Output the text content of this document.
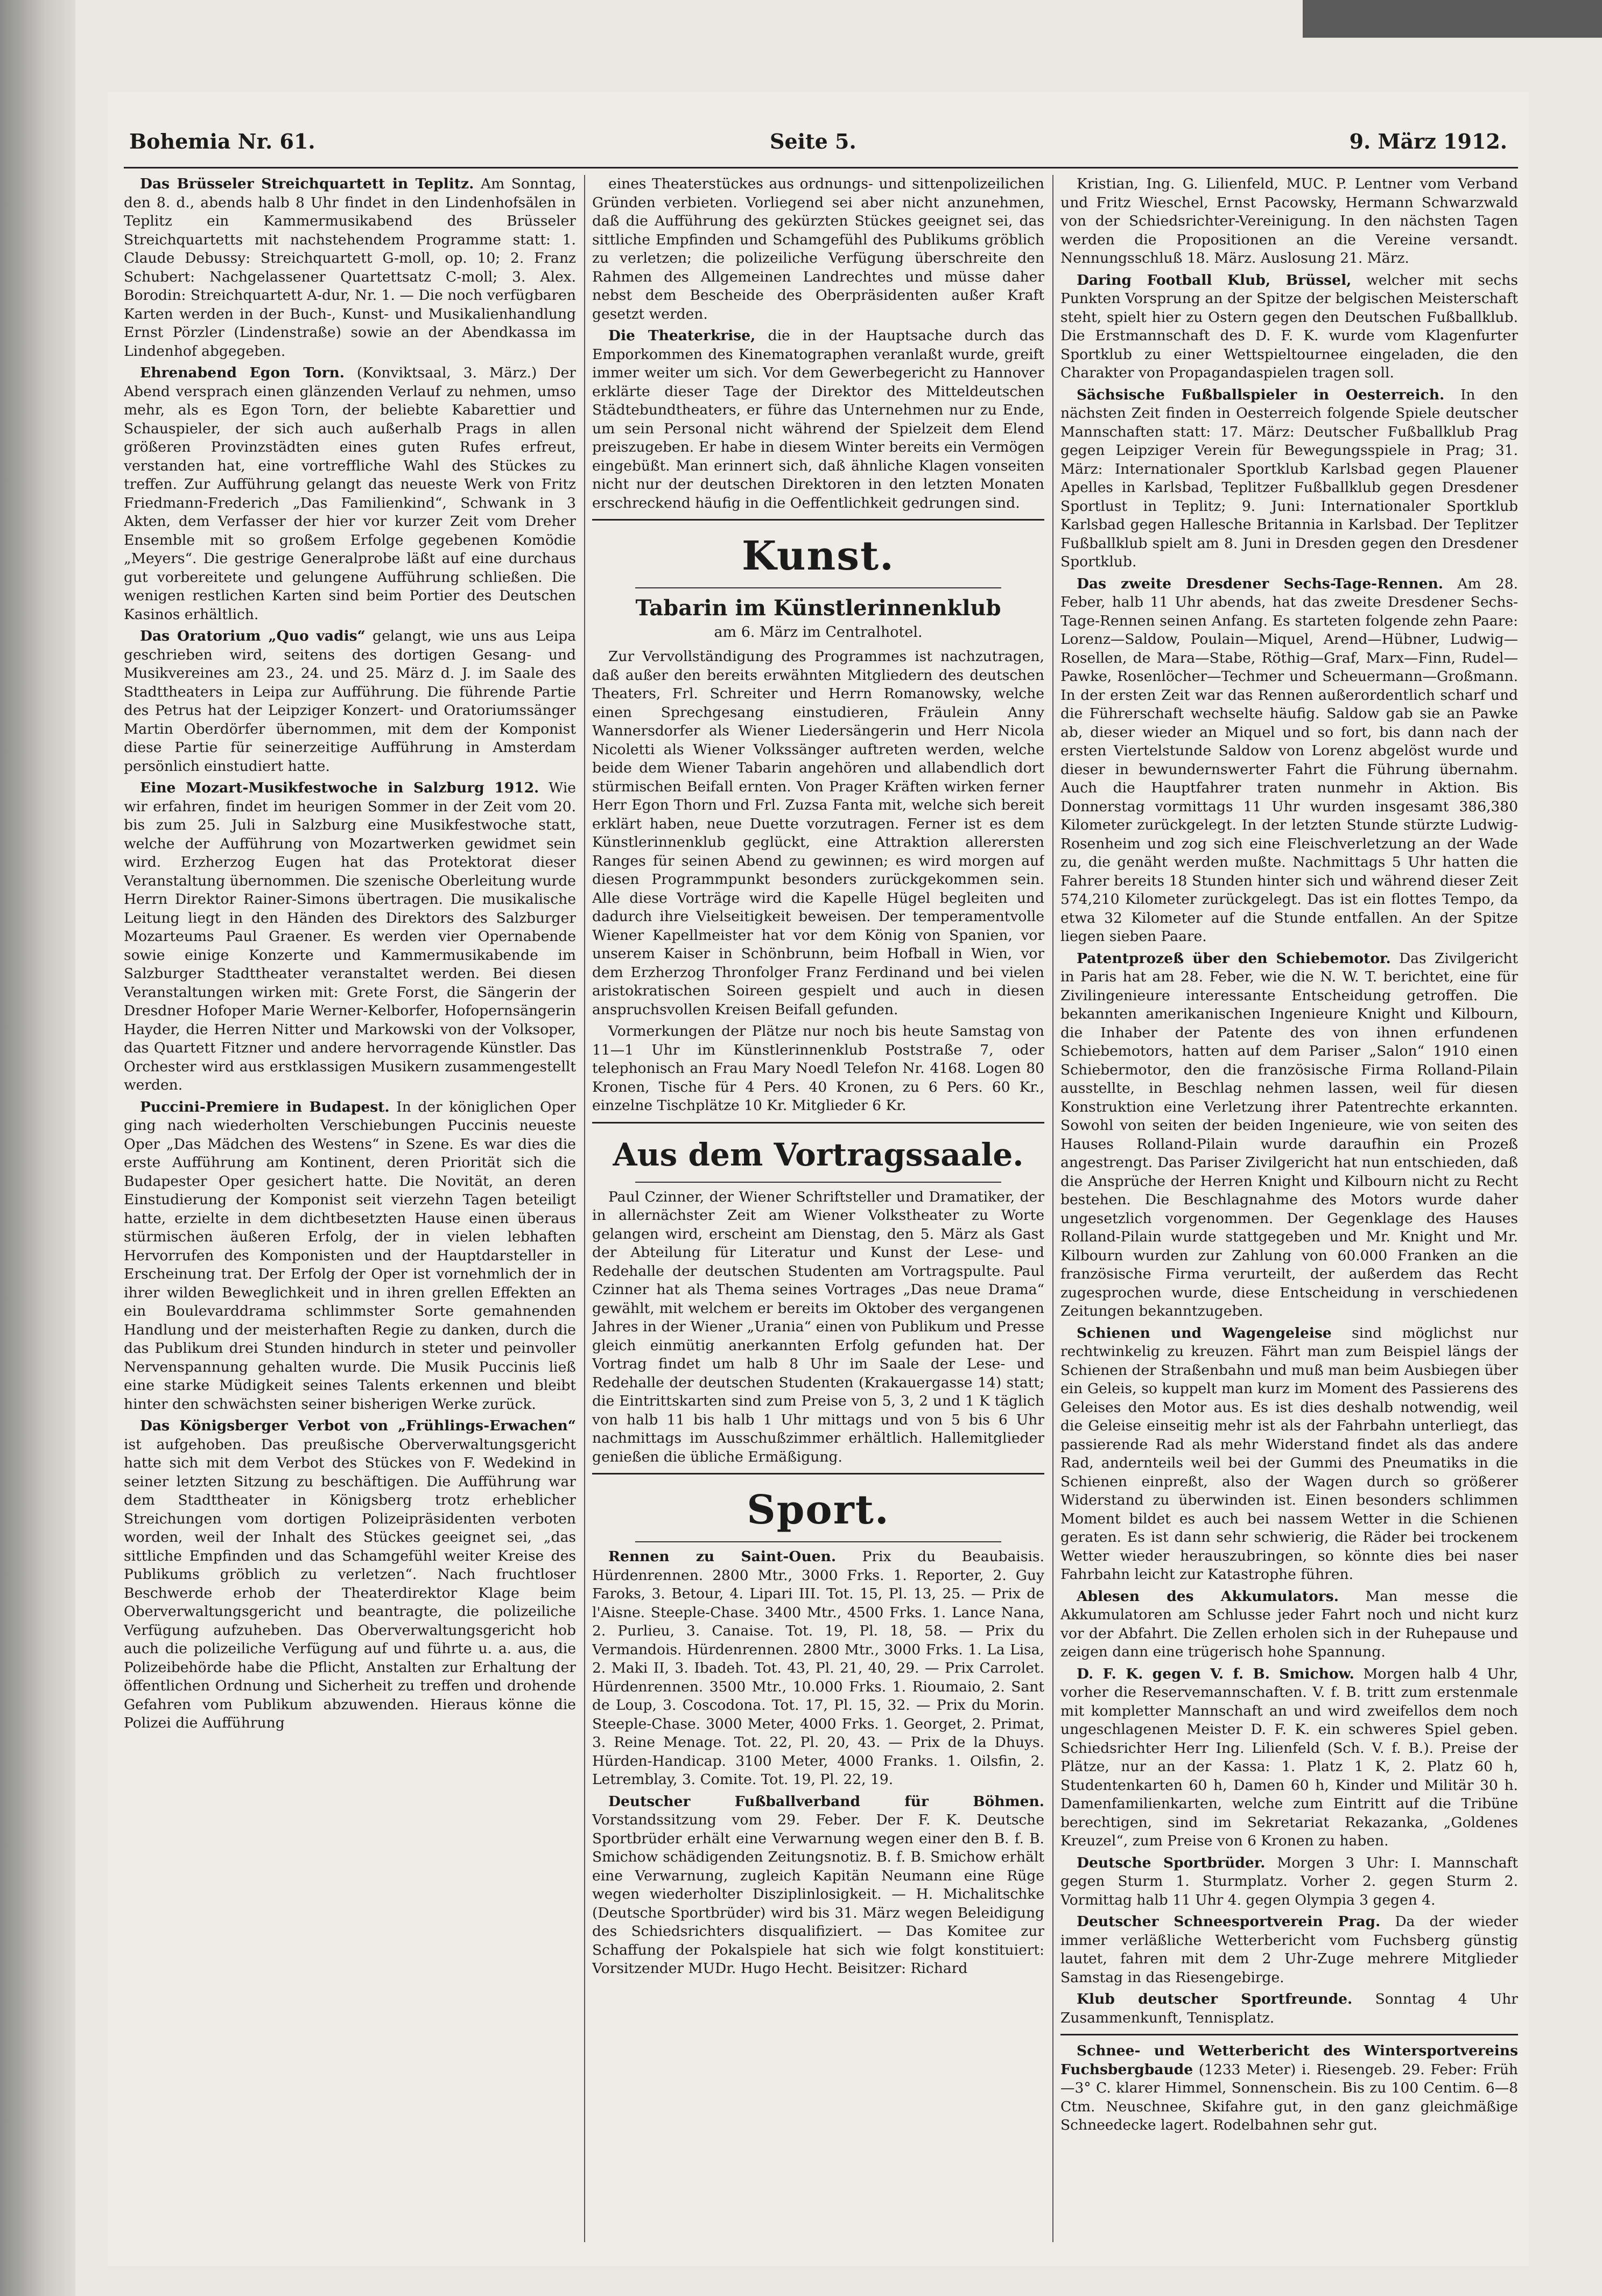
Bohemia Nr. 61.	Seite 5.	9. März 1912.

Das Brüsseler Streichquartett in Teplitz. Am Sonntag, den 8. d., abends halb 8 Uhr findet in den Lindenhofsälen in Teplitz ein Kammermusikabend des Brüsseler Streichquartetts mit nachstehendem Programme statt: 1. Claude Debussy: Streichquartett G-moll, op. 10; 2. Franz Schubert: Nachgelassener Quartettsatz C-moll; 3. Alex. Borodin: Streichquartett A-dur, Nr. 1. — Die noch verfügbaren Karten werden in der Buch-, Kunst- und Musikalienhandlung Ernst Pörzler (Lindenstraße) sowie an der Abendkassa im Lindenhof abgegeben.

Ehrenabend Egon Torn. (Konviktsaal, 3. März.) Der Abend versprach einen glänzenden Verlauf zu nehmen, umso mehr, als es Egon Torn, der beliebte Kabarettier und Schauspieler, der sich auch außerhalb Prags in allen größeren Provinzstädten eines guten Rufes erfreut, verstanden hat, eine vortreffliche Wahl des Stückes zu treffen. Zur Aufführung gelangt das neueste Werk von Fritz Friedmann-Frederich „Das Familienkind“, Schwank in 3 Akten, dem Verfasser der hier vor kurzer Zeit vom Dreher Ensemble mit so großem Erfolge gegebenen Komödie „Meyers“. Die gestrige Generalprobe läßt auf eine durchaus gut vorbereitete und gelungene Aufführung schließen. Die wenigen restlichen Karten sind beim Portier des Deutschen Kasinos erhältlich.

Das Oratorium „Quo vadis“ gelangt, wie uns aus Leipa geschrieben wird, seitens des dortigen Gesang- und Musikvereines am 23., 24. und 25. März d. J. im Saale des Stadttheaters in Leipa zur Aufführung. Die führende Partie des Petrus hat der Leipziger Konzert- und Oratoriumssänger Martin Oberdörfer übernommen, mit dem der Komponist diese Partie für seinerzeitige Aufführung in Amsterdam persönlich einstudiert hatte.

Eine Mozart-Musikfestwoche in Salzburg 1912. Wie wir erfahren, findet im heurigen Sommer in der Zeit vom 20. bis zum 25. Juli in Salzburg eine Musikfestwoche statt, welche der Aufführung von Mozartwerken gewidmet sein wird. Erzherzog Eugen hat das Protektorat dieser Veranstaltung übernommen. Die szenische Oberleitung wurde Herrn Direktor Rainer-Simons übertragen. Die musikalische Leitung liegt in den Händen des Direktors des Salzburger Mozarteums Paul Graener. Es werden vier Opernabende sowie einige Konzerte und Kammermusikabende im Salzburger Stadttheater veranstaltet werden. Bei diesen Veranstaltungen wirken mit: Grete Forst, die Sängerin der Dresdner Hofoper Marie Werner-Kelborfer, Hofopernsängerin Hayder, die Herren Nitter und Markowski von der Volksoper, das Quartett Fitzner und andere hervorragende Künstler. Das Orchester wird aus erstklassigen Musikern zusammengestellt werden.

Puccini-Premiere in Budapest. In der königlichen Oper ging nach wiederholten Verschiebungen Puccinis neueste Oper „Das Mädchen des Westens“ in Szene. Es war dies die erste Aufführung am Kontinent, deren Priorität sich die Budapester Oper gesichert hatte. Die Novität, an deren Einstudierung der Komponist seit vierzehn Tagen beteiligt hatte, erzielte in dem dichtbesetzten Hause einen überaus stürmischen äußeren Erfolg, der in vielen lebhaften Hervorrufen des Komponisten und der Hauptdarsteller in Erscheinung trat. Der Erfolg der Oper ist vornehmlich der in ihrer wilden Beweglichkeit und in ihren grellen Effekten an ein Boulevarddrama schlimmster Sorte gemahnenden Handlung und der meisterhaften Regie zu danken, durch die das Publikum drei Stunden hindurch in steter und peinvoller Nervenspannung gehalten wurde. Die Musik Puccinis ließ eine starke Müdigkeit seines Talents erkennen und bleibt hinter den schwächsten seiner bisherigen Werke zurück.

Das Königsberger Verbot von „Frühlings-Erwachen“ ist aufgehoben. Das preußische Oberverwaltungsgericht hatte sich mit dem Verbot des Stückes von F. Wedekind in seiner letzten Sitzung zu beschäftigen. Die Aufführung war dem Stadttheater in Königsberg trotz erheblicher Streichungen vom dortigen Polizeipräsidenten verboten worden, weil der Inhalt des Stückes geeignet sei, „das sittliche Empfinden und das Schamgefühl weiter Kreise des Publikums gröblich zu verletzen“. Nach fruchtloser Beschwerde erhob der Theaterdirektor Klage beim Oberverwaltungsgericht und beantragte, die polizeiliche Verfügung aufzuheben. Das Oberverwaltungsgericht hob auch die polizeiliche Verfügung auf und führte u. a. aus, die Polizeibehörde habe die Pflicht, Anstalten zur Erhaltung der öffentlichen Ordnung und Sicherheit zu treffen und drohende Gefahren vom Publikum abzuwenden. Hieraus könne die Polizei die Aufführung

eines Theaterstückes aus ordnungs- und sittenpolizeilichen Gründen verbieten. Vorliegend sei aber nicht anzunehmen, daß die Aufführung des gekürzten Stückes geeignet sei, das sittliche Empfinden und Schamgefühl des Publikums gröblich zu verletzen; die polizeiliche Verfügung überschreite den Rahmen des Allgemeinen Landrechtes und müsse daher nebst dem Bescheide des Oberpräsidenten außer Kraft gesetzt werden.

Die Theaterkrise, die in der Hauptsache durch das Emporkommen des Kinematographen veranlaßt wurde, greift immer weiter um sich. Vor dem Gewerbegericht zu Hannover erklärte dieser Tage der Direktor des Mitteldeutschen Städtebundtheaters, er führe das Unternehmen nur zu Ende, um sein Personal nicht während der Spielzeit dem Elend preiszugeben. Er habe in diesem Winter bereits ein Vermögen eingebüßt. Man erinnert sich, daß ähnliche Klagen vonseiten nicht nur der deutschen Direktoren in den letzten Monaten erschreckend häufig in die Oeffentlichkeit gedrungen sind.

Kunst.

Tabarin im Künstlerinnenklub

am 6. März im Centralhotel.

Zur Vervollständigung des Programmes ist nachzutragen, daß außer den bereits erwähnten Mitgliedern des deutschen Theaters, Frl. Schreiter und Herrn Romanowsky, welche einen Sprechgesang einstudieren, Fräulein Anny Wannersdorfer als Wiener Liedersängerin und Herr Nicola Nicoletti als Wiener Volkssänger auftreten werden, welche beide dem Wiener Tabarin angehören und allabendlich dort stürmischen Beifall ernten. Von Prager Kräften wirken ferner Herr Egon Thorn und Frl. Zuzsa Fanta mit, welche sich bereit erklärt haben, neue Duette vorzutragen. Ferner ist es dem Künstlerinnenklub geglückt, eine Attraktion allerersten Ranges für seinen Abend zu gewinnen; es wird morgen auf diesen Programmpunkt besonders zurückgekommen sein. Alle diese Vorträge wird die Kapelle Hügel begleiten und dadurch ihre Vielseitigkeit beweisen. Der temperamentvolle Wiener Kapellmeister hat vor dem König von Spanien, vor unserem Kaiser in Schönbrunn, beim Hofball in Wien, vor dem Erzherzog Thronfolger Franz Ferdinand und bei vielen aristokratischen Soireen gespielt und auch in diesen anspruchsvollen Kreisen Beifall gefunden.

Vormerkungen der Plätze nur noch bis heute Samstag von 11—1 Uhr im Künstlerinnenklub Poststraße 7, oder telephonisch an Frau Mary Noedl Telefon Nr. 4168. Logen 80 Kronen, Tische für 4 Pers. 40 Kronen, zu 6 Pers. 60 Kr., einzelne Tischplätze 10 Kr. Mitglieder 6 Kr.

Aus dem Vortragssaale.

Paul Czinner, der Wiener Schriftsteller und Dramatiker, der in allernächster Zeit am Wiener Volkstheater zu Worte gelangen wird, erscheint am Dienstag, den 5. März als Gast der Abteilung für Literatur und Kunst der Lese- und Redehalle der deutschen Studenten am Vortragspulte. Paul Czinner hat als Thema seines Vortrages „Das neue Drama“ gewählt, mit welchem er bereits im Oktober des vergangenen Jahres in der Wiener „Urania“ einen von Publikum und Presse gleich einmütig anerkannten Erfolg gefunden hat. Der Vortrag findet um halb 8 Uhr im Saale der Lese- und Redehalle der deutschen Studenten (Krakauergasse 14) statt; die Eintrittskarten sind zum Preise von 5, 3, 2 und 1 K täglich von halb 11 bis halb 1 Uhr mittags und von 5 bis 6 Uhr nachmittags im Ausschußzimmer erhältlich. Hallemitglieder genießen die übliche Ermäßigung.

Sport.

Rennen zu Saint-Ouen. Prix du Beaubaisis. Hürdenrennen. 2800 Mtr., 3000 Frks. 1. Reporter, 2. Guy Faroks, 3. Betour, 4. Lipari III. Tot. 15, Pl. 13, 25. — Prix de l'Aisne. Steeple-Chase. 3400 Mtr., 4500 Frks. 1. Lance Nana, 2. Purlieu, 3. Canaise. Tot. 19, Pl. 18, 58. — Prix du Vermandois. Hürdenrennen. 2800 Mtr., 3000 Frks. 1. La Lisa, 2. Maki II, 3. Ibadeh. Tot. 43, Pl. 21, 40, 29. — Prix Carrolet. Hürdenrennen. 3500 Mtr., 10.000 Frks. 1. Rioumaio, 2. Sant de Loup, 3. Coscodona. Tot. 17, Pl. 15, 32. — Prix du Morin. Steeple-Chase. 3000 Meter, 4000 Frks. 1. Georget, 2. Primat, 3. Reine Menage. Tot. 22, Pl. 20, 43. — Prix de la Dhuys. Hürden-Handicap. 3100 Meter, 4000 Franks. 1. Oilsfin, 2. Letremblay, 3. Comite. Tot. 19, Pl. 22, 19.

Deutscher Fußballverband für Böhmen. Vorstandssitzung vom 29. Feber. Der F. K. Deutsche Sportbrüder erhält eine Verwarnung wegen einer den B. f. B. Smichow schädigenden Zeitungsnotiz. B. f. B. Smichow erhält eine Verwarnung, zugleich Kapitän Neumann eine Rüge wegen wiederholter Disziplinlosigkeit. — H. Michalitschke (Deutsche Sportbrüder) wird bis 31. März wegen Beleidigung des Schiedsrichters disqualifiziert. — Das Komitee zur Schaffung der Pokalspiele hat sich wie folgt konstituiert: Vorsitzender MUDr. Hugo Hecht. Beisitzer: Richard

Kristian, Ing. G. Lilienfeld, MUC. P. Lentner vom Verband und Fritz Wieschel, Ernst Pacowsky, Hermann Schwarzwald von der Schiedsrichter-Vereinigung. In den nächsten Tagen werden die Propositionen an die Vereine versandt. Nennungsschluß 18. März. Auslosung 21. März.

Daring Football Klub, Brüssel, welcher mit sechs Punkten Vorsprung an der Spitze der belgischen Meisterschaft steht, spielt hier zu Ostern gegen den Deutschen Fußballklub. Die Erstmannschaft des D. F. K. wurde vom Klagenfurter Sportklub zu einer Wettspieltournee eingeladen, die den Charakter von Propagandaspielen tragen soll.

Sächsische Fußballspieler in Oesterreich. In den nächsten Zeit finden in Oesterreich folgende Spiele deutscher Mannschaften statt: 17. März: Deutscher Fußballklub Prag gegen Leipziger Verein für Bewegungsspiele in Prag; 31. März: Internationaler Sportklub Karlsbad gegen Plauener Apelles in Karlsbad, Teplitzer Fußballklub gegen Dresdener Sportlust in Teplitz; 9. Juni: Internationaler Sportklub Karlsbad gegen Hallesche Britannia in Karlsbad. Der Teplitzer Fußballklub spielt am 8. Juni in Dresden gegen den Dresdener Sportklub.

Das zweite Dresdener Sechs-Tage-Rennen. Am 28. Feber, halb 11 Uhr abends, hat das zweite Dresdener Sechs-Tage-Rennen seinen Anfang. Es starteten folgende zehn Paare: Lorenz—Saldow, Poulain—Miquel, Arend—Hübner, Ludwig—Rosellen, de Mara—Stabe, Röthig—Graf, Marx—Finn, Rudel—Pawke, Rosenlöcher—Techmer und Scheuermann—Großmann. In der ersten Zeit war das Rennen außerordentlich scharf und die Führerschaft wechselte häufig. Saldow gab sie an Pawke ab, dieser wieder an Miquel und so fort, bis dann nach der ersten Viertelstunde Saldow von Lorenz abgelöst wurde und dieser in bewundernswerter Fahrt die Führung übernahm. Auch die Hauptfahrer traten nunmehr in Aktion. Bis Donnerstag vormittags 11 Uhr wurden insgesamt 386,380 Kilometer zurückgelegt. In der letzten Stunde stürzte Ludwig-Rosenheim und zog sich eine Fleischverletzung an der Wade zu, die genäht werden mußte. Nachmittags 5 Uhr hatten die Fahrer bereits 18 Stunden hinter sich und während dieser Zeit 574,210 Kilometer zurückgelegt. Das ist ein flottes Tempo, da etwa 32 Kilometer auf die Stunde entfallen. An der Spitze liegen sieben Paare.

Patentprozeß über den Schiebemotor. Das Zivilgericht in Paris hat am 28. Feber, wie die N. W. T. berichtet, eine für Zivilingenieure interessante Entscheidung getroffen. Die bekannten amerikanischen Ingenieure Knight und Kilbourn, die Inhaber der Patente des von ihnen erfundenen Schiebemotors, hatten auf dem Pariser „Salon“ 1910 einen Schiebermotor, den die französische Firma Rolland-Pilain ausstellte, in Beschlag nehmen lassen, weil für diesen Konstruktion eine Verletzung ihrer Patentrechte erkannten. Sowohl von seiten der beiden Ingenieure, wie von seiten des Hauses Rolland-Pilain wurde daraufhin ein Prozeß angestrengt. Das Pariser Zivilgericht hat nun entschieden, daß die Ansprüche der Herren Knight und Kilbourn nicht zu Recht bestehen. Die Beschlagnahme des Motors wurde daher ungesetzlich vorgenommen. Der Gegenklage des Hauses Rolland-Pilain wurde stattgegeben und Mr. Knight und Mr. Kilbourn wurden zur Zahlung von 60.000 Franken an die französische Firma verurteilt, der außerdem das Recht zugesprochen wurde, diese Entscheidung in verschiedenen Zeitungen bekanntzugeben.

Schienen und Wagengeleise sind möglichst nur rechtwinkelig zu kreuzen. Fährt man zum Beispiel längs der Schienen der Straßenbahn und muß man beim Ausbiegen über ein Geleis, so kuppelt man kurz im Moment des Passierens des Geleises den Motor aus. Es ist dies deshalb notwendig, weil die Geleise einseitig mehr ist als der Fahrbahn unterliegt, das passierende Rad als mehr Widerstand findet als das andere Rad, andernteils weil bei der Gummi des Pneumatiks in die Schienen einpreßt, also der Wagen durch so größerer Widerstand zu überwinden ist. Einen besonders schlimmen Moment bildet es auch bei nassem Wetter in die Schienen geraten. Es ist dann sehr schwierig, die Räder bei trockenem Wetter wieder herauszubringen, so könnte dies bei naser Fahrbahn leicht zur Katastrophe führen.

Ablesen des Akkumulators. Man messe die Akkumulatoren am Schlusse jeder Fahrt noch und nicht kurz vor der Abfahrt. Die Zellen erholen sich in der Ruhepause und zeigen dann eine trügerisch hohe Spannung.

D. F. K. gegen V. f. B. Smichow. Morgen halb 4 Uhr, vorher die Reservemannschaften. V. f. B. tritt zum erstenmale mit kompletter Mannschaft an und wird zweifellos dem noch ungeschlagenen Meister D. F. K. ein schweres Spiel geben. Schiedsrichter Herr Ing. Lilienfeld (Sch. V. f. B.). Preise der Plätze, nur an der Kassa: 1. Platz 1 K, 2. Platz 60 h, Studentenkarten 60 h, Damen 60 h, Kinder und Militär 30 h. Damenfamilienkarten, welche zum Eintritt auf die Tribüne berechtigen, sind im Sekretariat Rekazanka, „Goldenes Kreuzel“, zum Preise von 6 Kronen zu haben.

Deutsche Sportbrüder. Morgen 3 Uhr: I. Mannschaft gegen Sturm 1. Sturmplatz. Vorher 2. gegen Sturm 2. Vormittag halb 11 Uhr 4. gegen Olympia 3 gegen 4.

Deutscher Schneesportverein Prag. Da der wieder immer verläßliche Wetterbericht vom Fuchsberg günstig lautet, fahren mit dem 2 Uhr-Zuge mehrere Mitglieder Samstag in das Riesengebirge.

Klub deutscher Sportfreunde. Sonntag 4 Uhr Zusammenkunft, Tennisplatz.

Schnee- und Wetterbericht des Wintersportvereins Fuchsbergbaude (1233 Meter) i. Riesengeb. 29. Feber: Früh —3° C. klarer Himmel, Sonnenschein. Bis zu 100 Centim. 6—8 Ctm. Neuschnee, Skifahre gut, in den ganz gleichmäßige Schneedecke lagert. Rodelbahnen sehr gut.
